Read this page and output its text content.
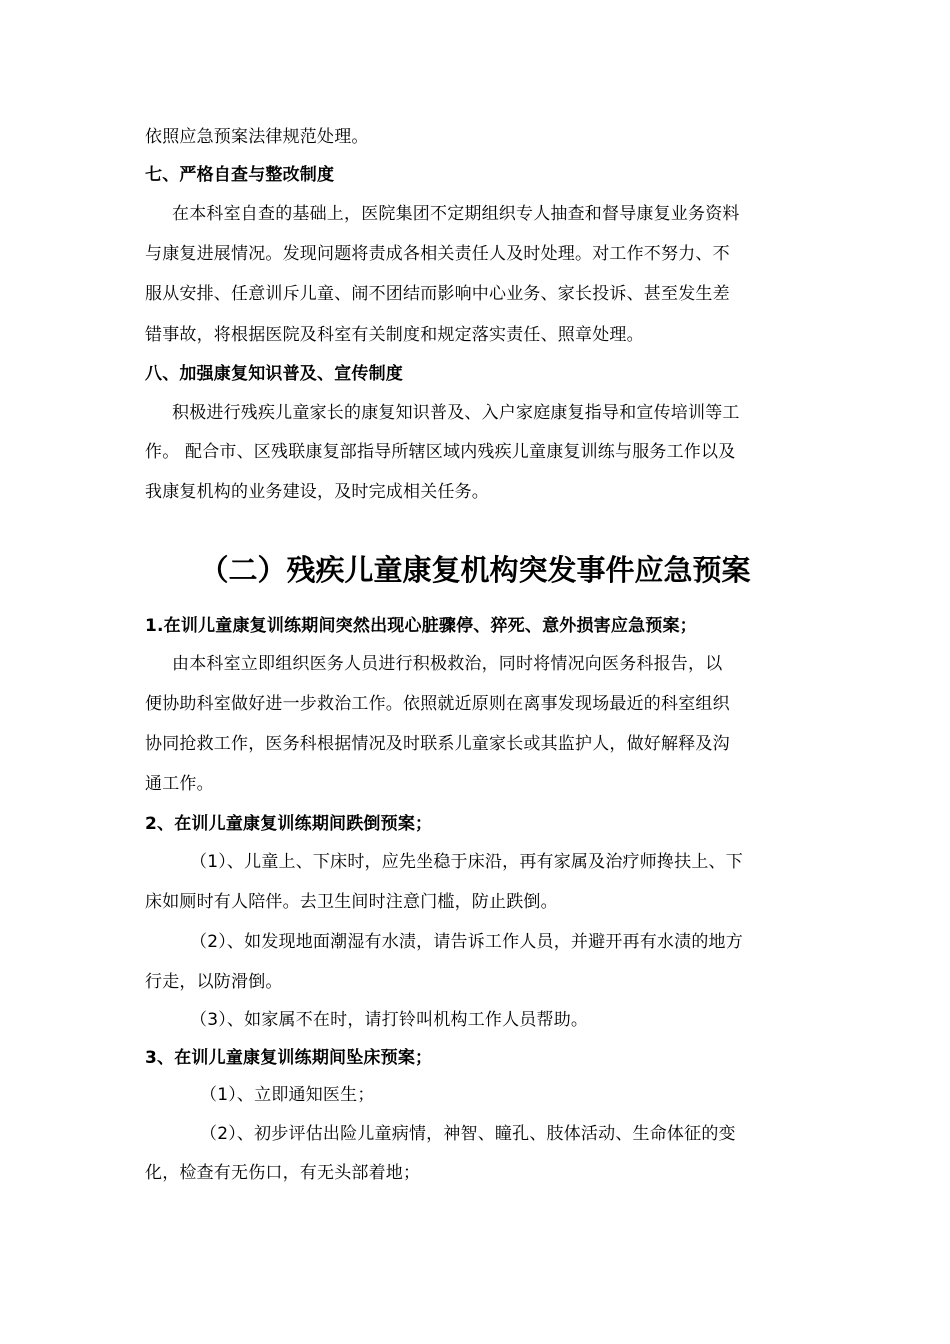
依照应急预案法律规范处理。
七、严格自查与整改制度
在本科室自查的基础上，医院集团不定期组织专人抽查和督导康复业务资料
与康复进展情况。发现问题将责成各相关责任人及时处理。对工作不努力、不
服从安排、任意训斥儿童、闹不团结而影响中心业务、家长投诉、甚至发生差
错事故，将根据医院及科室有关制度和规定落实责任、照章处理。
八、加强康复知识普及、宣传制度
积极进行残疾儿童家长的康复知识普及、入户家庭康复指导和宣传培训等工
作。 配合市、区残联康复部指导所辖区域内残疾儿童康复训练与服务工作以及
我康复机构的业务建设，及时完成相关任务。
（二）残疾儿童康复机构突发事件应急预案
1.在训儿童康复训练期间突然出现心脏骤停、猝死、意外损害应急预案；
由本科室立即组织医务人员进行积极救治，同时将情况向医务科报告，以
便协助科室做好进一步救治工作。依照就近原则在离事发现场最近的科室组织
协同抢救工作，医务科根据情况及时联系儿童家长或其监护人，做好解释及沟
通工作。
2、在训儿童康复训练期间跌倒预案；
（1）、儿童上、下床时，应先坐稳于床沿，再有家属及治疗师搀扶上、下
床如厕时有人陪伴。去卫生间时注意门槛，防止跌倒。
（2）、如发现地面潮湿有水渍，请告诉工作人员，并避开再有水渍的地方
行走，以防滑倒。
（3）、如家属不在时，请打铃叫机构工作人员帮助。
3、在训儿童康复训练期间坠床预案；
（1）、立即通知医生；
（2）、初步评估出险儿童病情，神智、瞳孔、肢体活动、生命体征的变
化，检查有无伤口，有无头部着地；
